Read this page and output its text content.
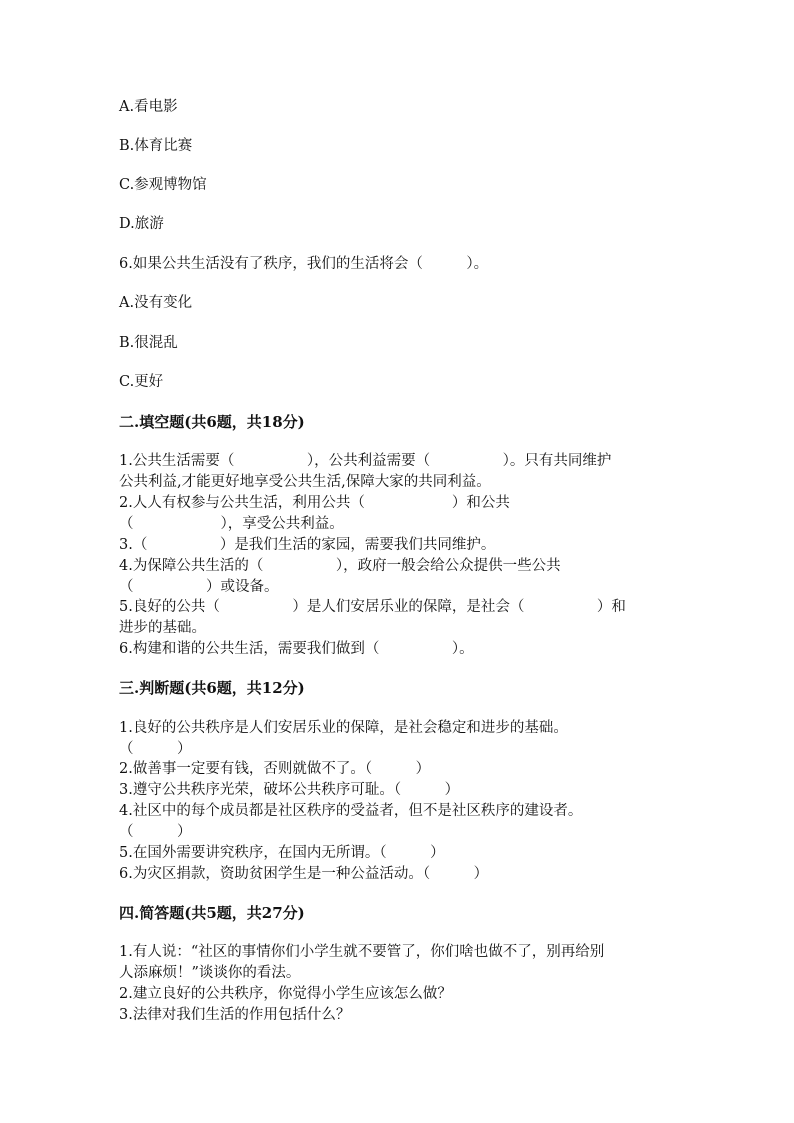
A.看电影
B.体育比赛
C.参观博物馆
D.旅游
6.如果公共生活没有了秩序，我们的生活将会（　　　）。
A.没有变化
B.很混乱
C.更好
二.填空题(共6题，共18分)
1.公共生活需要（　　　　　），公共利益需要（　　　　　）。只有共同维护
公共利益,才能更好地享受公共生活,保障大家的共同利益。
2.人人有权参与公共生活，利用公共（　　　　　　）和公共
（　　　　　　），享受公共利益。
3.（　　　　　）是我们生活的家园，需要我们共同维护。
4.为保障公共生活的（　　　　　），政府一般会给公众提供一些公共
（　　　　　）或设备。
5.良好的公共（　　　　　）是人们安居乐业的保障，是社会（　　　　　）和
进步的基础。
6.构建和谐的公共生活，需要我们做到（　　　　　）。
三.判断题(共6题，共12分)
1.良好的公共秩序是人们安居乐业的保障，是社会稳定和进步的基础。
（　　　）
2.做善事一定要有钱，否则就做不了。（　　　）
3.遵守公共秩序光荣，破坏公共秩序可耻。（　　　）
4.社区中的每个成员都是社区秩序的受益者，但不是社区秩序的建设者。
（　　　）
5.在国外需要讲究秩序，在国内无所谓。（　　　）
6.为灾区捐款，资助贫困学生是一种公益活动。（　　　）
四.简答题(共5题，共27分)
1.有人说：“社区的事情你们小学生就不要管了，你们啥也做不了，别再给别
人添麻烦！”谈谈你的看法。
2.建立良好的公共秩序，你觉得小学生应该怎么做？
3.法律对我们生活的作用包括什么？
